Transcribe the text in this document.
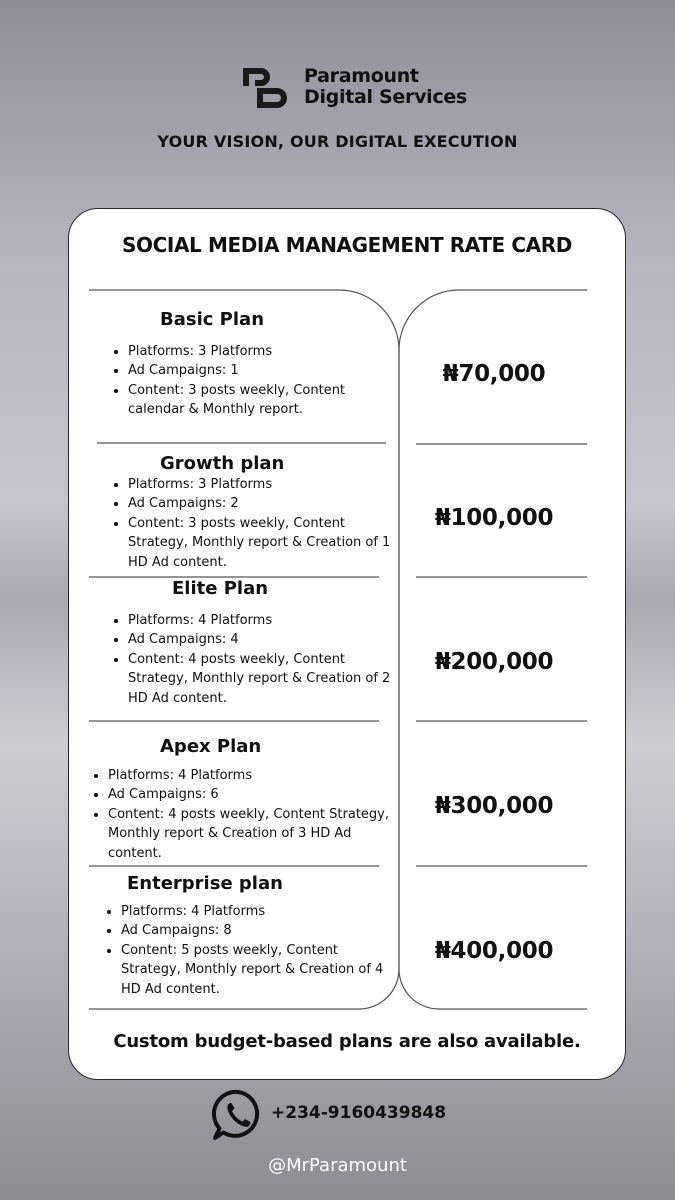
Paramount
Digital Services
YOUR VISION, OUR DIGITAL EXECUTION
SOCIAL MEDIA MANAGEMENT RATE CARD
Basic Plan
• Platforms: 3 Platforms
• Ad Campaigns: 1
• Content: 3 posts weekly, Content calendar & Monthly report.
₦70,000
Growth plan
• Platforms: 3 Platforms
• Ad Campaigns: 2
• Content: 3 posts weekly, Content Strategy, Monthly report & Creation of 1 HD Ad content.
₦100,000
Elite Plan
• Platforms: 4 Platforms
• Ad Campaigns: 4
• Content: 4 posts weekly, Content Strategy, Monthly report & Creation of 2 HD Ad content.
₦200,000
Apex Plan
• Platforms: 4 Platforms
• Ad Campaigns: 6
• Content: 4 posts weekly, Content Strategy, Monthly report & Creation of 3 HD Ad content.
₦300,000
Enterprise plan
• Platforms: 4 Platforms
• Ad Campaigns: 8
• Content: 5 posts weekly, Content Strategy, Monthly report & Creation of 4 HD Ad content.
₦400,000
Custom budget-based plans are also available.
+234-9160439848
@MrParamount
